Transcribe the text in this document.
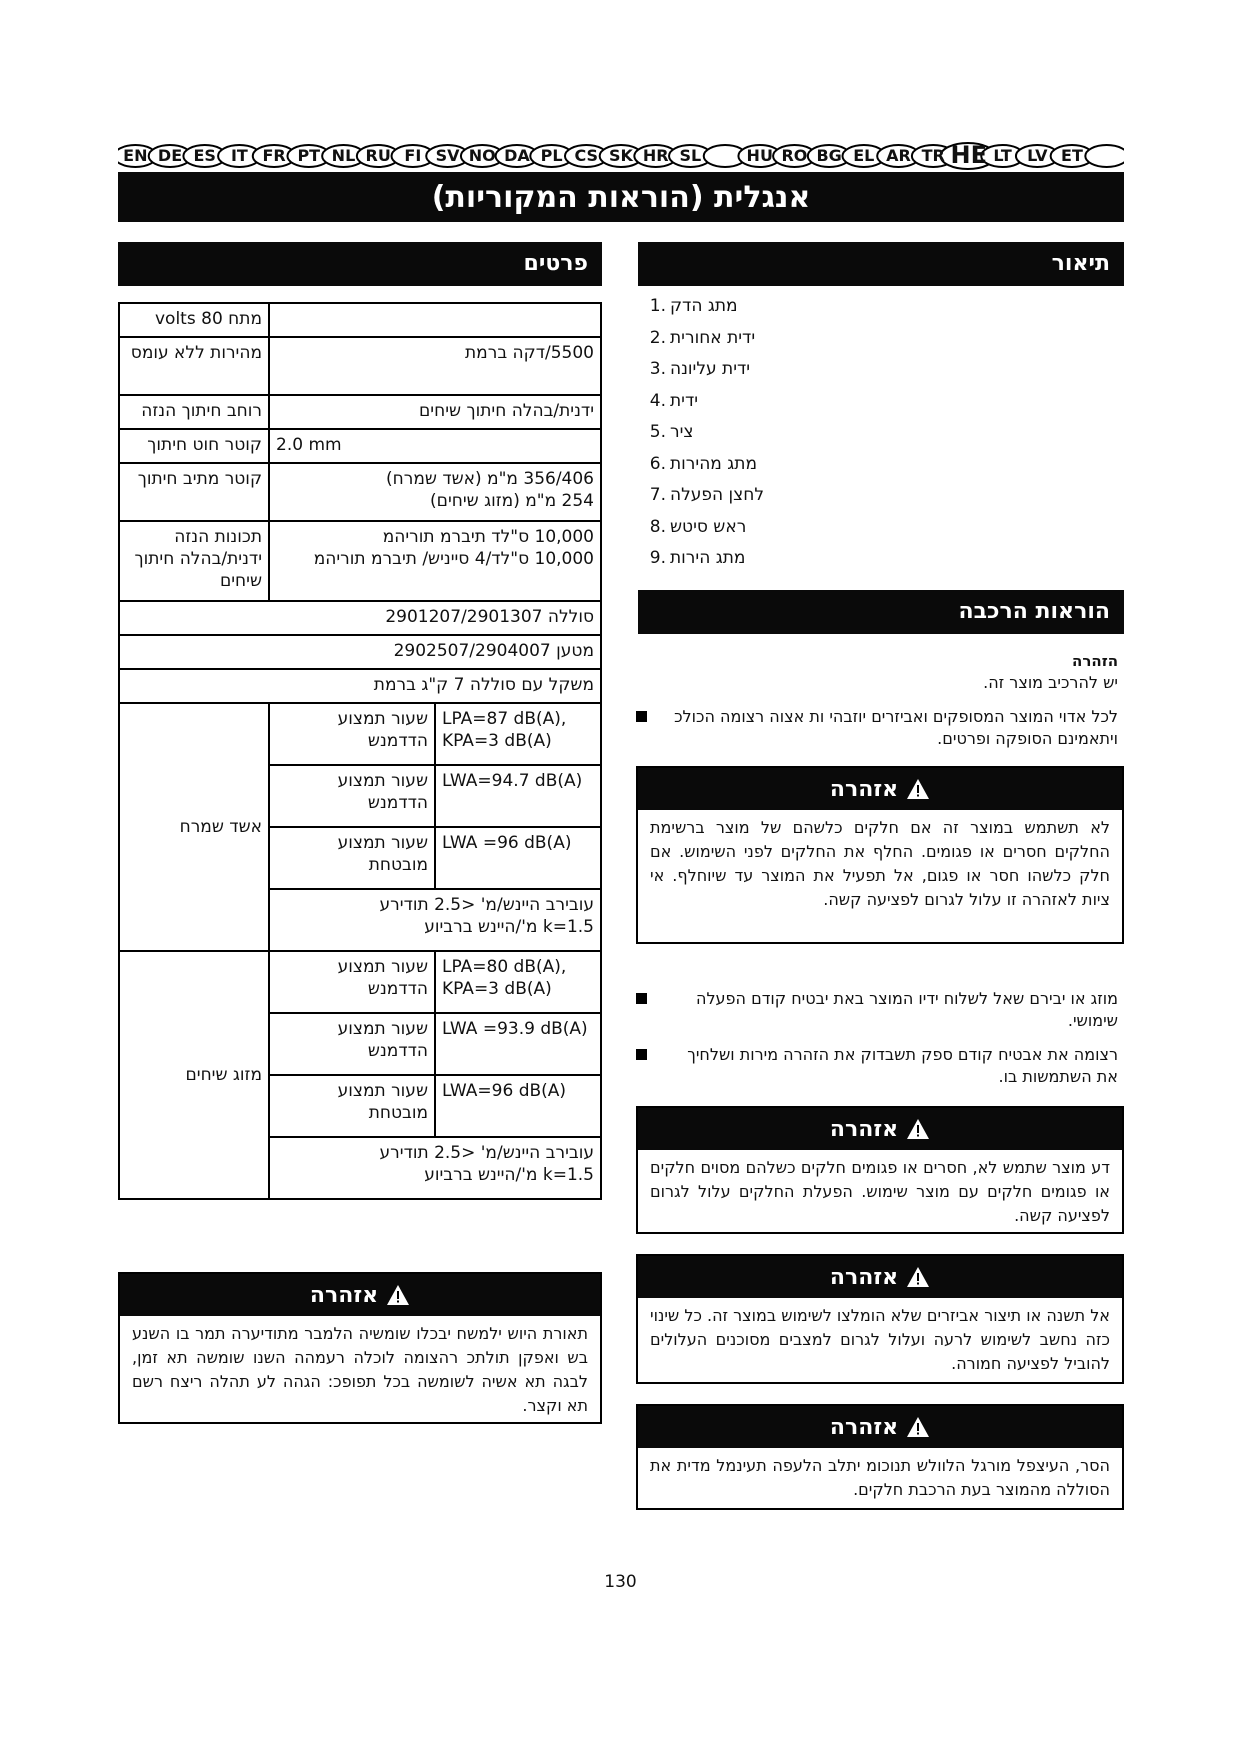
EN DE ES IT FR PT NL RU FI SV NO DA PL CS SK HR SL	HU RO BG EL AR TR HE LT LV ET
אנגלית (הוראות המקוריות)
פרטים
מתח 80 volts		
מהירות ללא עומס	5500/דקה ברמת	
רוחב חיתוך הנזה	ידנית/בהלה חיתוך שיחים	
קוטר חוט חיתוך	2.0 mm	
קוטר מתיב חיתוך	356/406 מ"מ (אשד שמרח)
254 מ"מ (מזוג שיחים)	

תכונות הנזה ידנית/בהלה חיתוך שיחים	10,000 ס"לד תיברמ תוריהמ
10,000 ס"לד/4 סייניש/ תיברמ תוריהמ	

סוללה 2901207/2901307		
מטען 2902507/2904007		
משקל עם סוללה 7 ק"ג ברמת		
אשד שמרח	שעור תמצוע הדדמנש	LPA=87 dB(A),
KPA=3 dB(A)

	שעור תמצוע הדדמנש	LWA=94.7 dB(A)
	שעור תמצוע מובטחת	LWA =96 dB(A)

	עובירב היינש/מ' <2.5 תודירע
k=1.5 מ'/היינש ברביוע	

מזוג שיחים	שעור תמצוע הדדמנש	LPA=80 dB(A),
KPA=3 dB(A)

	שעור תמצוע הדדמנש	LWA =93.9 dB(A)
	שעור תמצוע מובטחת	LWA=96 dB(A)

	עובירב היינש/מ' <2.5 תודירע
k=1.5 מ'/היינש ברביוע	
אזהרה
תאורת היוש ילמשח יבכלו שומשיה הלמבר מתודיערה תמר בו השנע בש ואפקן תולתכ רהצומה לוכלה רעמהה השנו שומשה תא זמן, לבגה תא אשיה לשומשה בכל תפופכ: הגהה לע תהלה ריצח רשם תא וקצר.
תיאור
1. מתג הדק
2. ידית אחורית
3. ידית עליונה
4. ידית
5. ציר
6. מתג מהירות
7. לחצן הפעלה
8. ראש סיטש
9. מתג הירות
הוראות הרכבה
הזהרה
יש להרכיב מוצר זה.
לכל אדוי המוצר המסופקים ואביזרים יוזבהי ות אצוה רצומה הכולכ ויתאמינם הסופקה ופרטים.
אזהרה
לא תשתמש במוצר זה אם חלקים כלשהם של מוצר ברשימת החלקים חסרים או פגומים. החלף את החלקים לפני השימוש. אם חלק כלשהו חסר או פגום, אל תפעיל את המוצר עד שיוחלף. אי ציות לאזהרה זו עלול לגרום לפציעה קשה.
מוזג או יבירם שאל לשלוח ידיו המוצר באת יבטיח קודם הפעלה שימושי.
רצומה את אבטיח קודם ספק תשבדוק את הזהרה מירות ושלחיך את השתמשות בו.
אזהרה
דע מוצר שתמש לא, חסרים או פגומים חלקים כשלהם מסוים חלקים או פגומים חלקים עם מוצר שימוש. הפעלת החלקים עלול לגרום לפציעה קשה.
אזהרה
אל תשנה או תיצור אביזרים שלא הומלצו לשימוש במוצר זה. כל שינוי כזה נחשב לשימוש לרעה ועלול לגרום למצבים מסוכנים העלולים להוביל לפציעה חמורה.
אזהרה
הסר, העיצפל מורגל הלוולש תנוכומ יתלב הלעפה תעינמל מדית את הסוללה מהמוצר בעת הרכבת חלקים.
130
